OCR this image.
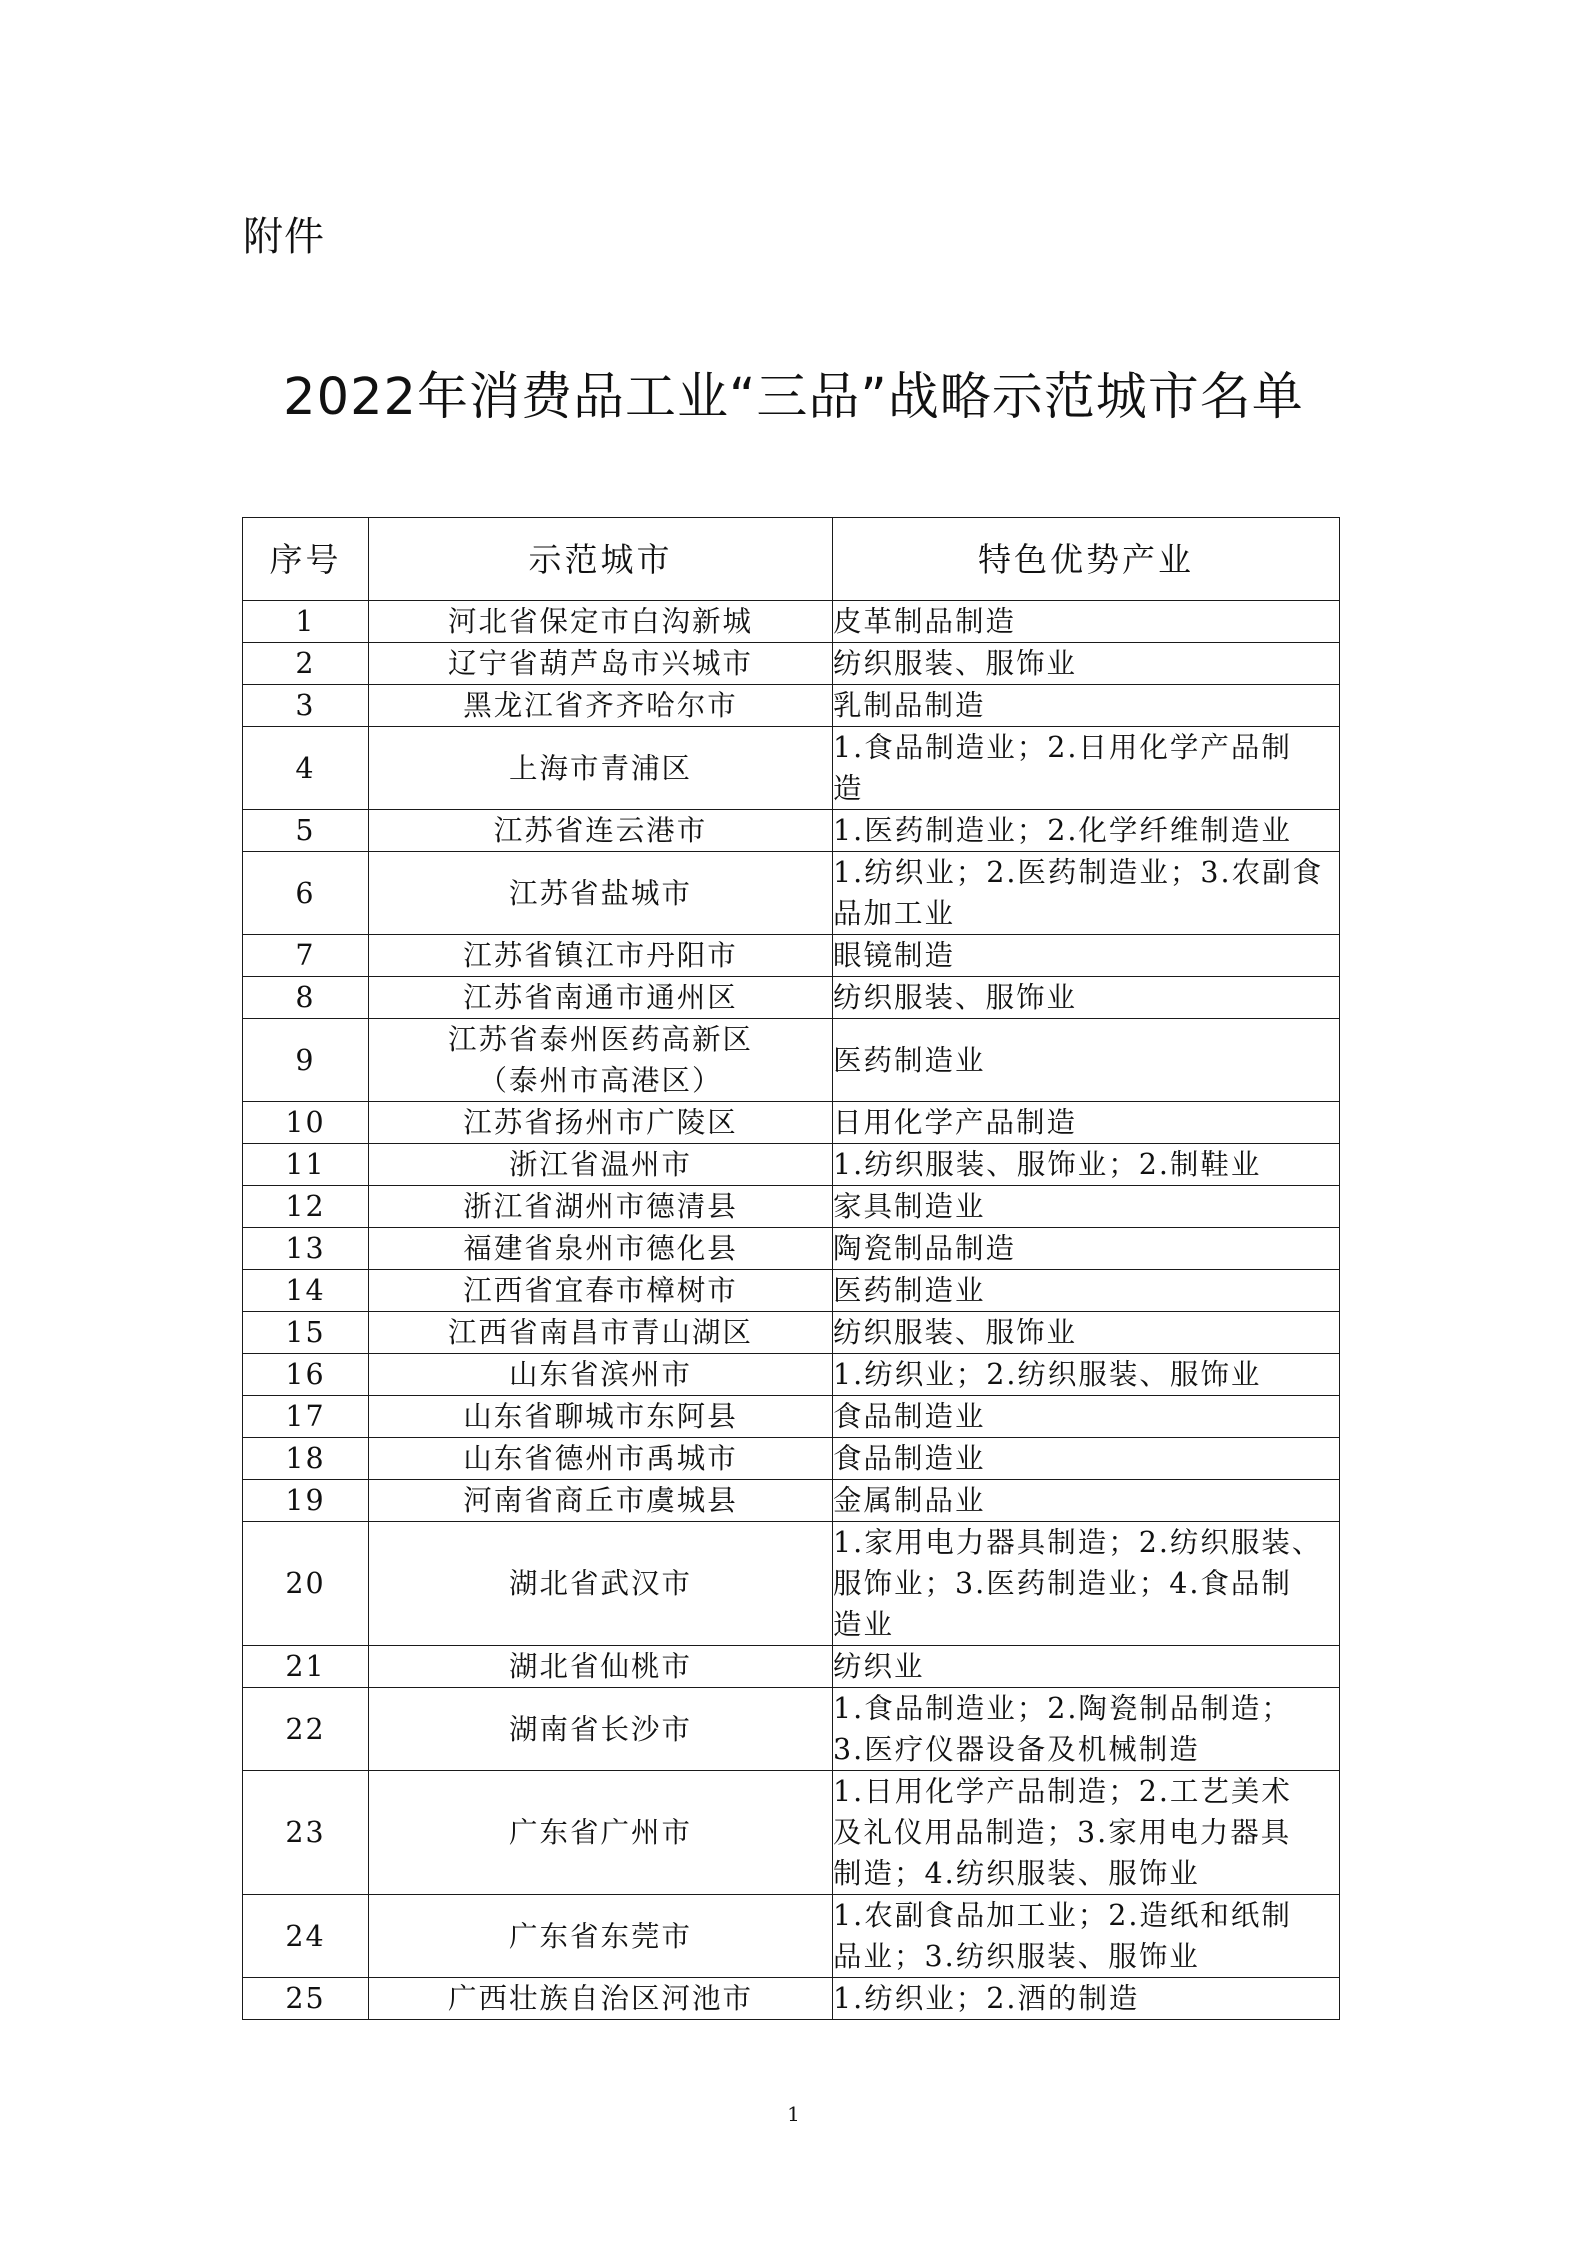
附件
2022年消费品工业“三品”战略示范城市名单
序号	示范城市	特色优势产业
1	河北省保定市白沟新城	皮革制品制造

2	辽宁省葫芦岛市兴城市	纺织服装、服饰业

3	黑龙江省齐齐哈尔市	乳制品制造

4	上海市青浦区	1.食品制造业；2.日用化学产品制
造

5	江苏省连云港市	1.医药制造业；2.化学纤维制造业

6	江苏省盐城市	1.纺织业；2.医药制造业；3.农副食
品加工业

7	江苏省镇江市丹阳市	眼镜制造

8	江苏省南通市通州区	纺织服装、服饰业

9	江苏省泰州医药高新区
（泰州市高港区）	医药制造业

10	江苏省扬州市广陵区	日用化学产品制造

11	浙江省温州市	1.纺织服装、服饰业；2.制鞋业

12	浙江省湖州市德清县	家具制造业

13	福建省泉州市德化县	陶瓷制品制造

14	江西省宜春市樟树市	医药制造业

15	江西省南昌市青山湖区	纺织服装、服饰业

16	山东省滨州市	1.纺织业；2.纺织服装、服饰业

17	山东省聊城市东阿县	食品制造业

18	山东省德州市禹城市	食品制造业

19	河南省商丘市虞城县	金属制品业

20	湖北省武汉市	1.家用电力器具制造；2.纺织服装、
服饰业；3.医药制造业；4.食品制
造业

21	湖北省仙桃市	纺织业

22	湖南省长沙市	1.食品制造业；2.陶瓷制品制造；
3.医疗仪器设备及机械制造

23	广东省广州市	1.日用化学产品制造；2.工艺美术
及礼仪用品制造；3.家用电力器具
制造；4.纺织服装、服饰业

24	广东省东莞市	1.农副食品加工业；2.造纸和纸制
品业；3.纺织服装、服饰业

25	广西壮族自治区河池市	1.纺织业；2.酒的制造
1
